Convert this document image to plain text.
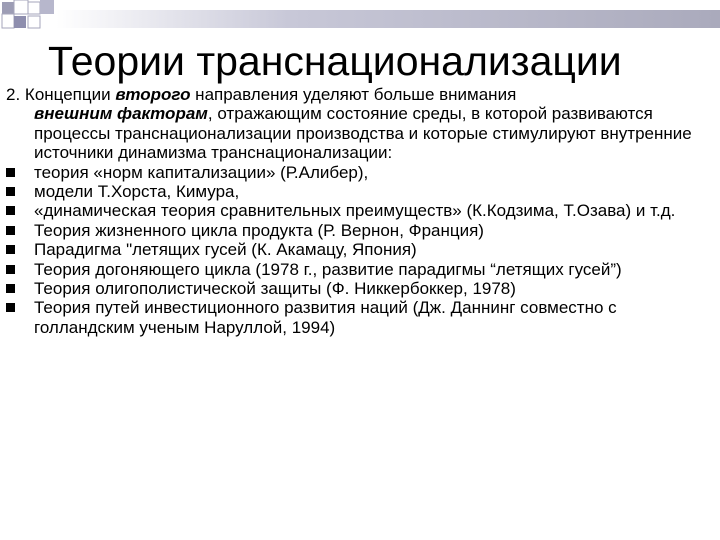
Теории транснационализации
2. Концепции второго направления уделяют больше внимания
внешним факторам, отражающим состояние среды, в которой развиваются процессы транснационализации производства и которые стимулируют внутренние источники динамизма транснационализации:
теория «норм капитализации» (Р.Алибер),
модели Т.Хорста, Кимура,
«динамическая теория сравнительных преимуществ» (К.Кодзима, Т.Озава) и т.д.
Теория жизненного цикла продукта (Р. Вернон, Франция)
Парадигма "летящих гусей (К. Акамацу, Япония)
Теория догоняющего цикла (1978 г., развитие парадигмы “летящих гусей”)
Теория олигополистической защиты (Ф. Никкербоккер, 1978)
Теория путей инвестиционного развития наций (Дж. Даннинг совместно с голландским ученым Наруллой, 1994)
